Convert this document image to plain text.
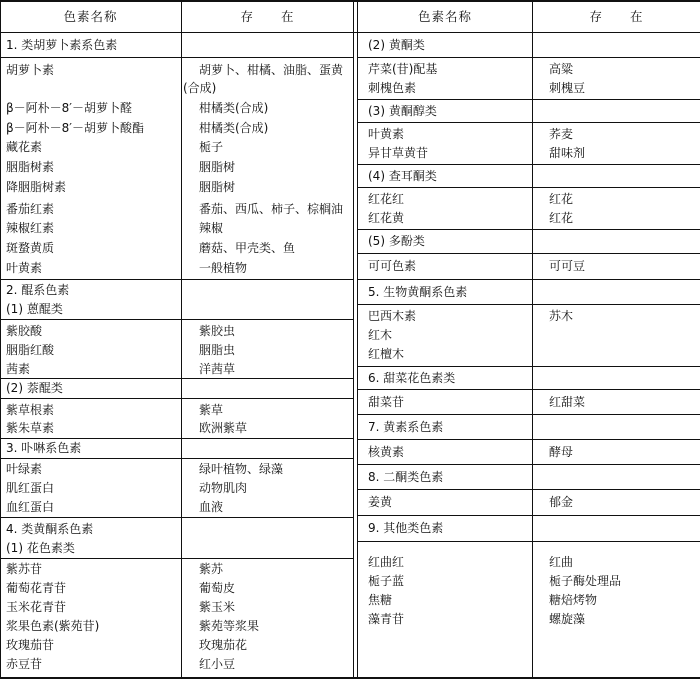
色素名称	存　　在	色素名称	存　　在
1. 类胡萝卜素系色素
胡萝卜素	胡萝卜、柑橘、油脂、蛋黄
(合成)
β－阿朴－8′－胡萝卜醛	柑橘类(合成)
β－阿朴－8′－胡萝卜酸酯	柑橘类(合成)
藏花素	栀子
胭脂树素	胭脂树
降胭脂树素	胭脂树
番茄红素	番茄、西瓜、柿子、棕榈油
辣椒红素	辣椒
斑蝥黄质	蘑菇、甲壳类、鱼
叶黄素	一般植物
2. 醌系色素
(1) 蒽醌类
紫胶酸	紫胶虫
胭脂红酸	胭脂虫
茜素	洋茜草
(2) 萘醌类
紫草根素	紫草
紫朱草素	欧洲紫草
3. 卟啉系色素
叶绿素	绿叶植物、绿藻
肌红蛋白	动物肌肉
血红蛋白	血液
4. 类黄酮系色素
(1) 花色素类
紫苏苷	紫苏
葡萄花青苷	葡萄皮
玉米花青苷	紫玉米
浆果色素(紫苑苷)	紫苑等浆果
玫瑰茄苷	玫瑰茄花
赤豆苷	红小豆
(2) 黄酮类
芹菜(苷)配基	高粱
刺槐色素	刺槐豆
(3) 黄酮醇类
叶黄素	荞麦
异甘草黄苷	甜味剂
(4) 查耳酮类
红花红	红花
红花黄	红花
(5) 多酚类
可可色素	可可豆
5. 生物黄酮系色素
巴西木素	苏木
红木
红檀木
6. 甜菜花色素类
甜菜苷	红甜菜
7. 黄素系色素
核黄素	酵母
8. 二酮类色素
姜黄	郁金
9. 其他类色素
红曲红	红曲
栀子蓝	栀子酶处理品
焦糖	糖焙烤物
藻青苷	螺旋藻
